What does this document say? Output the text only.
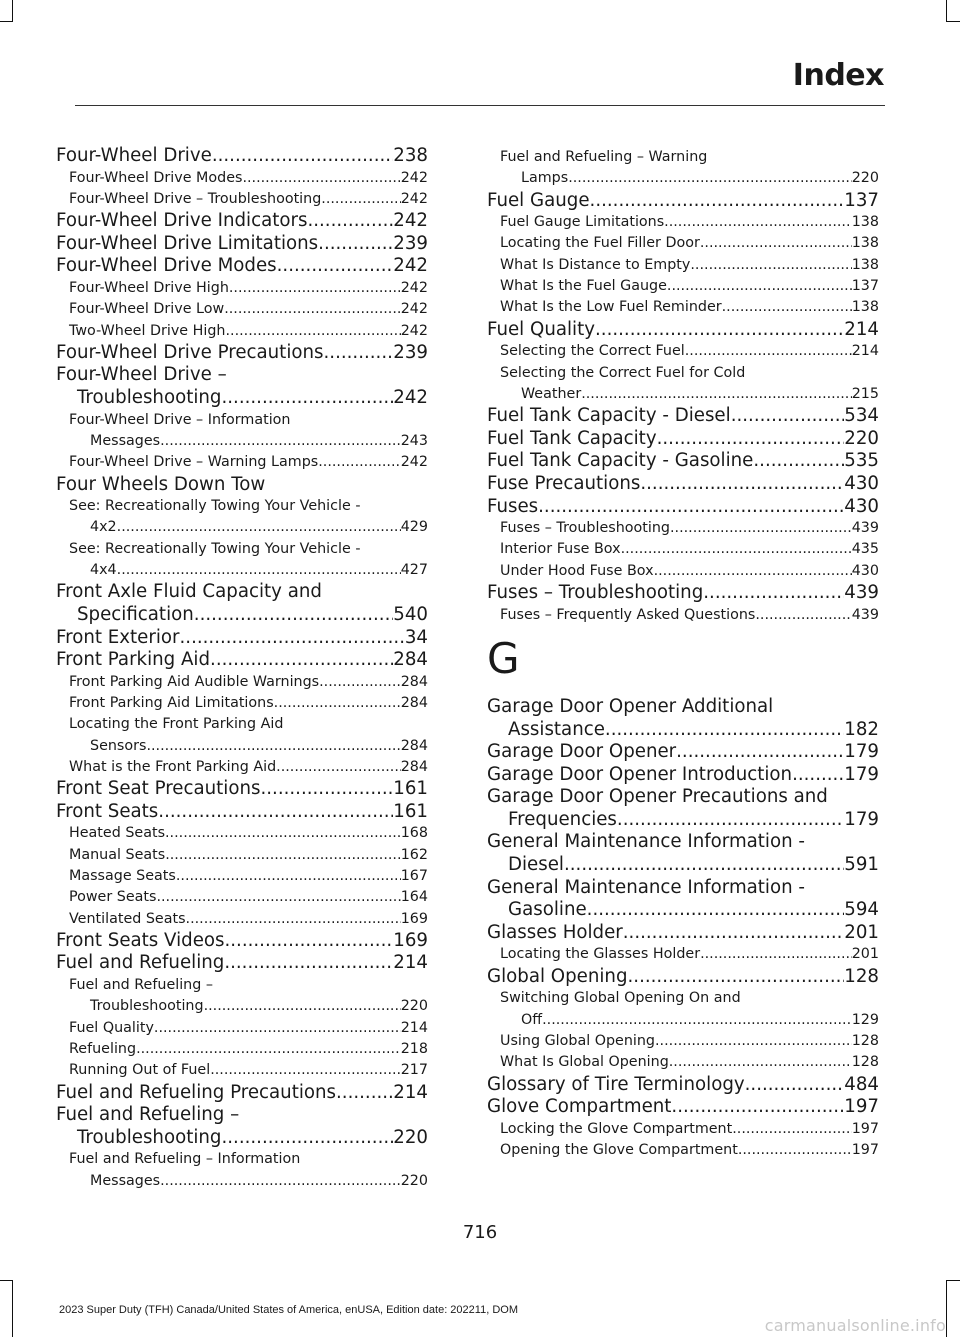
Index
Four-Wheel Drive .....	238
Four-Wheel Drive Modes .....	242
Four-Wheel Drive – Troubleshooting .....	242
Four-Wheel Drive Indicators .....	242
Four-Wheel Drive Limitations .....	239
Four-Wheel Drive Modes .....	242
Four-Wheel Drive High .....	242
Four-Wheel Drive Low .....	242
Two-Wheel Drive High .....	242
Four-Wheel Drive Precautions .....	239
Four-Wheel Drive –
Troubleshooting .....	242
Four-Wheel Drive – Information
Messages .....	243
Four-Wheel Drive – Warning Lamps .....	242
Four Wheels Down Tow
See: Recreationally Towing Your Vehicle -
4x2 .....	429
See: Recreationally Towing Your Vehicle -
4x4 .....	427
Front Axle Fluid Capacity and
Specification .....	540
Front Exterior .....	34
Front Parking Aid .....	284
Front Parking Aid Audible Warnings .....	284
Front Parking Aid Limitations .....	284
Locating the Front Parking Aid
Sensors .....	284
What is the Front Parking Aid .....	284
Front Seat Precautions .....	161
Front Seats .....	161
Heated Seats .....	168
Manual Seats .....	162
Massage Seats .....	167
Power Seats .....	164
Ventilated Seats .....	169
Front Seats Videos .....	169
Fuel and Refueling .....	214
Fuel and Refueling –
Troubleshooting .....	220
Fuel Quality .....	214
Refueling .....	218
Running Out of Fuel .....	217
Fuel and Refueling Precautions .....	214
Fuel and Refueling –
Troubleshooting .....	220
Fuel and Refueling – Information
Messages .....	220
Fuel and Refueling – Warning
Lamps .....	220
Fuel Gauge .....	137
Fuel Gauge Limitations .....	138
Locating the Fuel Filler Door .....	138
What Is Distance to Empty .....	138
What Is the Fuel Gauge .....	137
What Is the Low Fuel Reminder .....	138
Fuel Quality .....	214
Selecting the Correct Fuel .....	214
Selecting the Correct Fuel for Cold
Weather .....	215
Fuel Tank Capacity - Diesel .....	534
Fuel Tank Capacity .....	220
Fuel Tank Capacity - Gasoline .....	535
Fuse Precautions .....	430
Fuses .....	430
Fuses – Troubleshooting .....	439
Interior Fuse Box .....	435
Under Hood Fuse Box .....	430
Fuses – Troubleshooting .....	439
Fuses – Frequently Asked Questions .....	439
G
Garage Door Opener Additional
Assistance .....	182
Garage Door Opener .....	179
Garage Door Opener Introduction .....	179
Garage Door Opener Precautions and
Frequencies .....	179
General Maintenance Information -
Diesel .....	591
General Maintenance Information -
Gasoline .....	594
Glasses Holder .....	201
Locating the Glasses Holder .....	201
Global Opening .....	128
Switching Global Opening On and
Off .....	129
Using Global Opening .....	128
What Is Global Opening .....	128
Glossary of Tire Terminology .....	484
Glove Compartment .....	197
Locking the Glove Compartment .....	197
Opening the Glove Compartment .....	197
716
2023 Super Duty (TFH) Canada/United States of America, enUSA, Edition date: 202211, DOM
carmanualsonline.info
